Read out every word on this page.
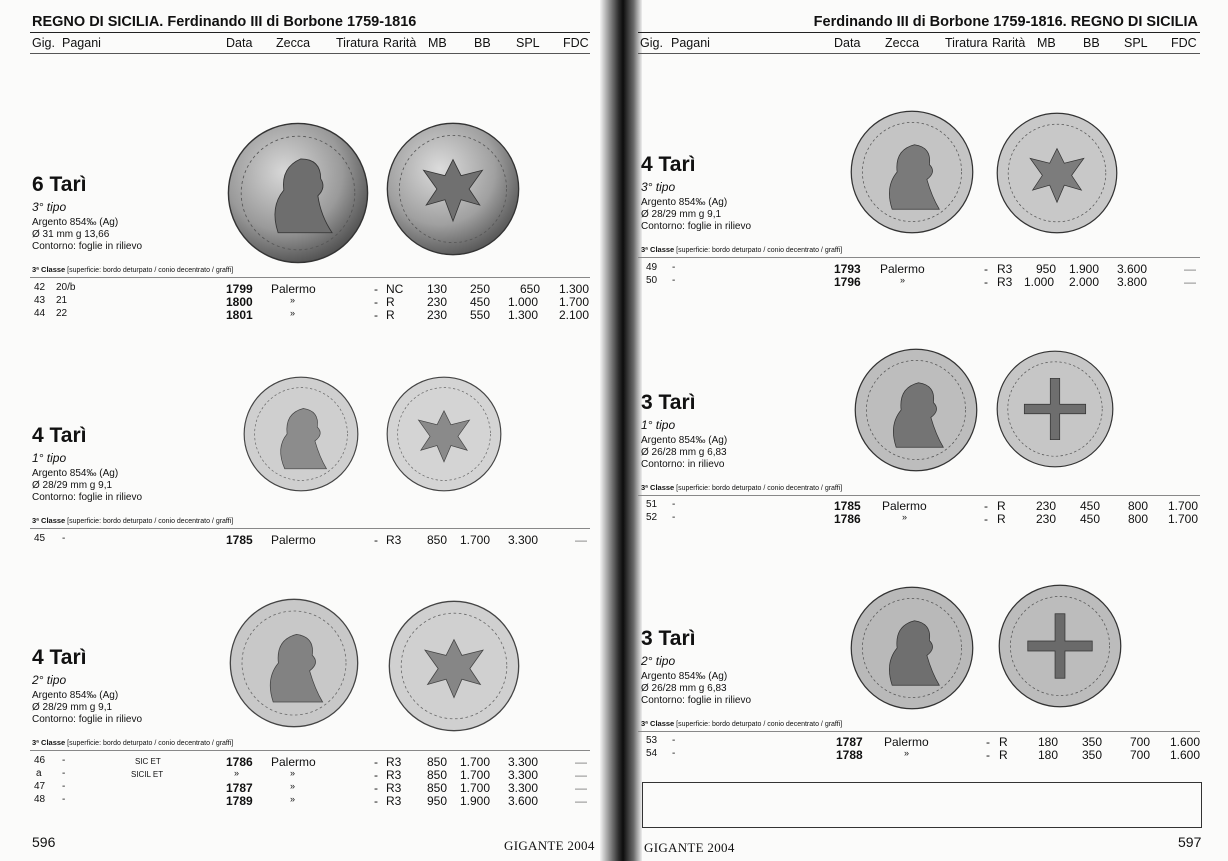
REGNO DI SICILIA. Ferdinando III di Borbone 1759-1816
Gig. Pagani	Data Zecca Tiratura Rarità MB BB SPL FDC
6 Tarì
3° tipo
Argento 854‰ (Ag)
Ø 31 mm g 13,66
Contorno: foglie in rilievo
3ª Classe [superficie: bordo deturpato / conio decentrato / graffi]
42 20/b	1799 Palermo	- NC 130 250 650 1.300
43 21	1800	»	- R	230 450 1.000 1.700
44 22	1801	»	- R	230 550 1.300 2.100
4 Tarì
1° tipo
Argento 854‰ (Ag)
Ø 28/29 mm g 9,1
Contorno: foglie in rilievo
3ª Classe [superficie: bordo deturpato / conio decentrato / graffi]
45 -	1785 Palermo	- R3 850 1.700 3.300	—
4 Tarì
2° tipo
Argento 854‰ (Ag)
Ø 28/29 mm g 9,1
Contorno: foglie in rilievo
3ª Classe [superficie: bordo deturpato / conio decentrato / graffi]
46 -	SIC ET	1786 Palermo	- R3 850 1.700 3.300	—
a -	SICIL ET	»	»	- R3 850 1.700 3.300	—
47 -	1787	»	- R3 850 1.700 3.300	—
48 -	1789	»	- R3 950 1.900 3.600	—
596	GIGANTE 2004
Ferdinando III di Borbone 1759-1816. REGNO DI SICILIA
Gig. Pagani	Data Zecca Tiratura Rarità MB BB SPL FDC
4 Tarì
3° tipo
Argento 854‰ (Ag)
Ø 28/29 mm g 9,1
Contorno: foglie in rilievo
3ª Classe [superficie: bordo deturpato / conio decentrato / graffi]
49 -	1793 Palermo	- R3 950 1.900 3.600	—
50 -	1796	»	- R3 1.000 2.000 3.800	—
3 Tarì
1° tipo
Argento 854‰ (Ag)
Ø 26/28 mm g 6,83
Contorno: in rilievo
3ª Classe [superficie: bordo deturpato / conio decentrato / graffi]
51 -	1785 Palermo	- R	230 450 800 1.700
52 -	1786	»	- R	230 450 800 1.700
3 Tarì
2° tipo
Argento 854‰ (Ag)
Ø 26/28 mm g 6,83
Contorno: foglie in rilievo
3ª Classe [superficie: bordo deturpato / conio decentrato / graffi]
53 -	1787 Palermo	- R	180 350 700 1.600
54 -	1788	»	- R	180 350 700 1.600
GIGANTE 2004	597
